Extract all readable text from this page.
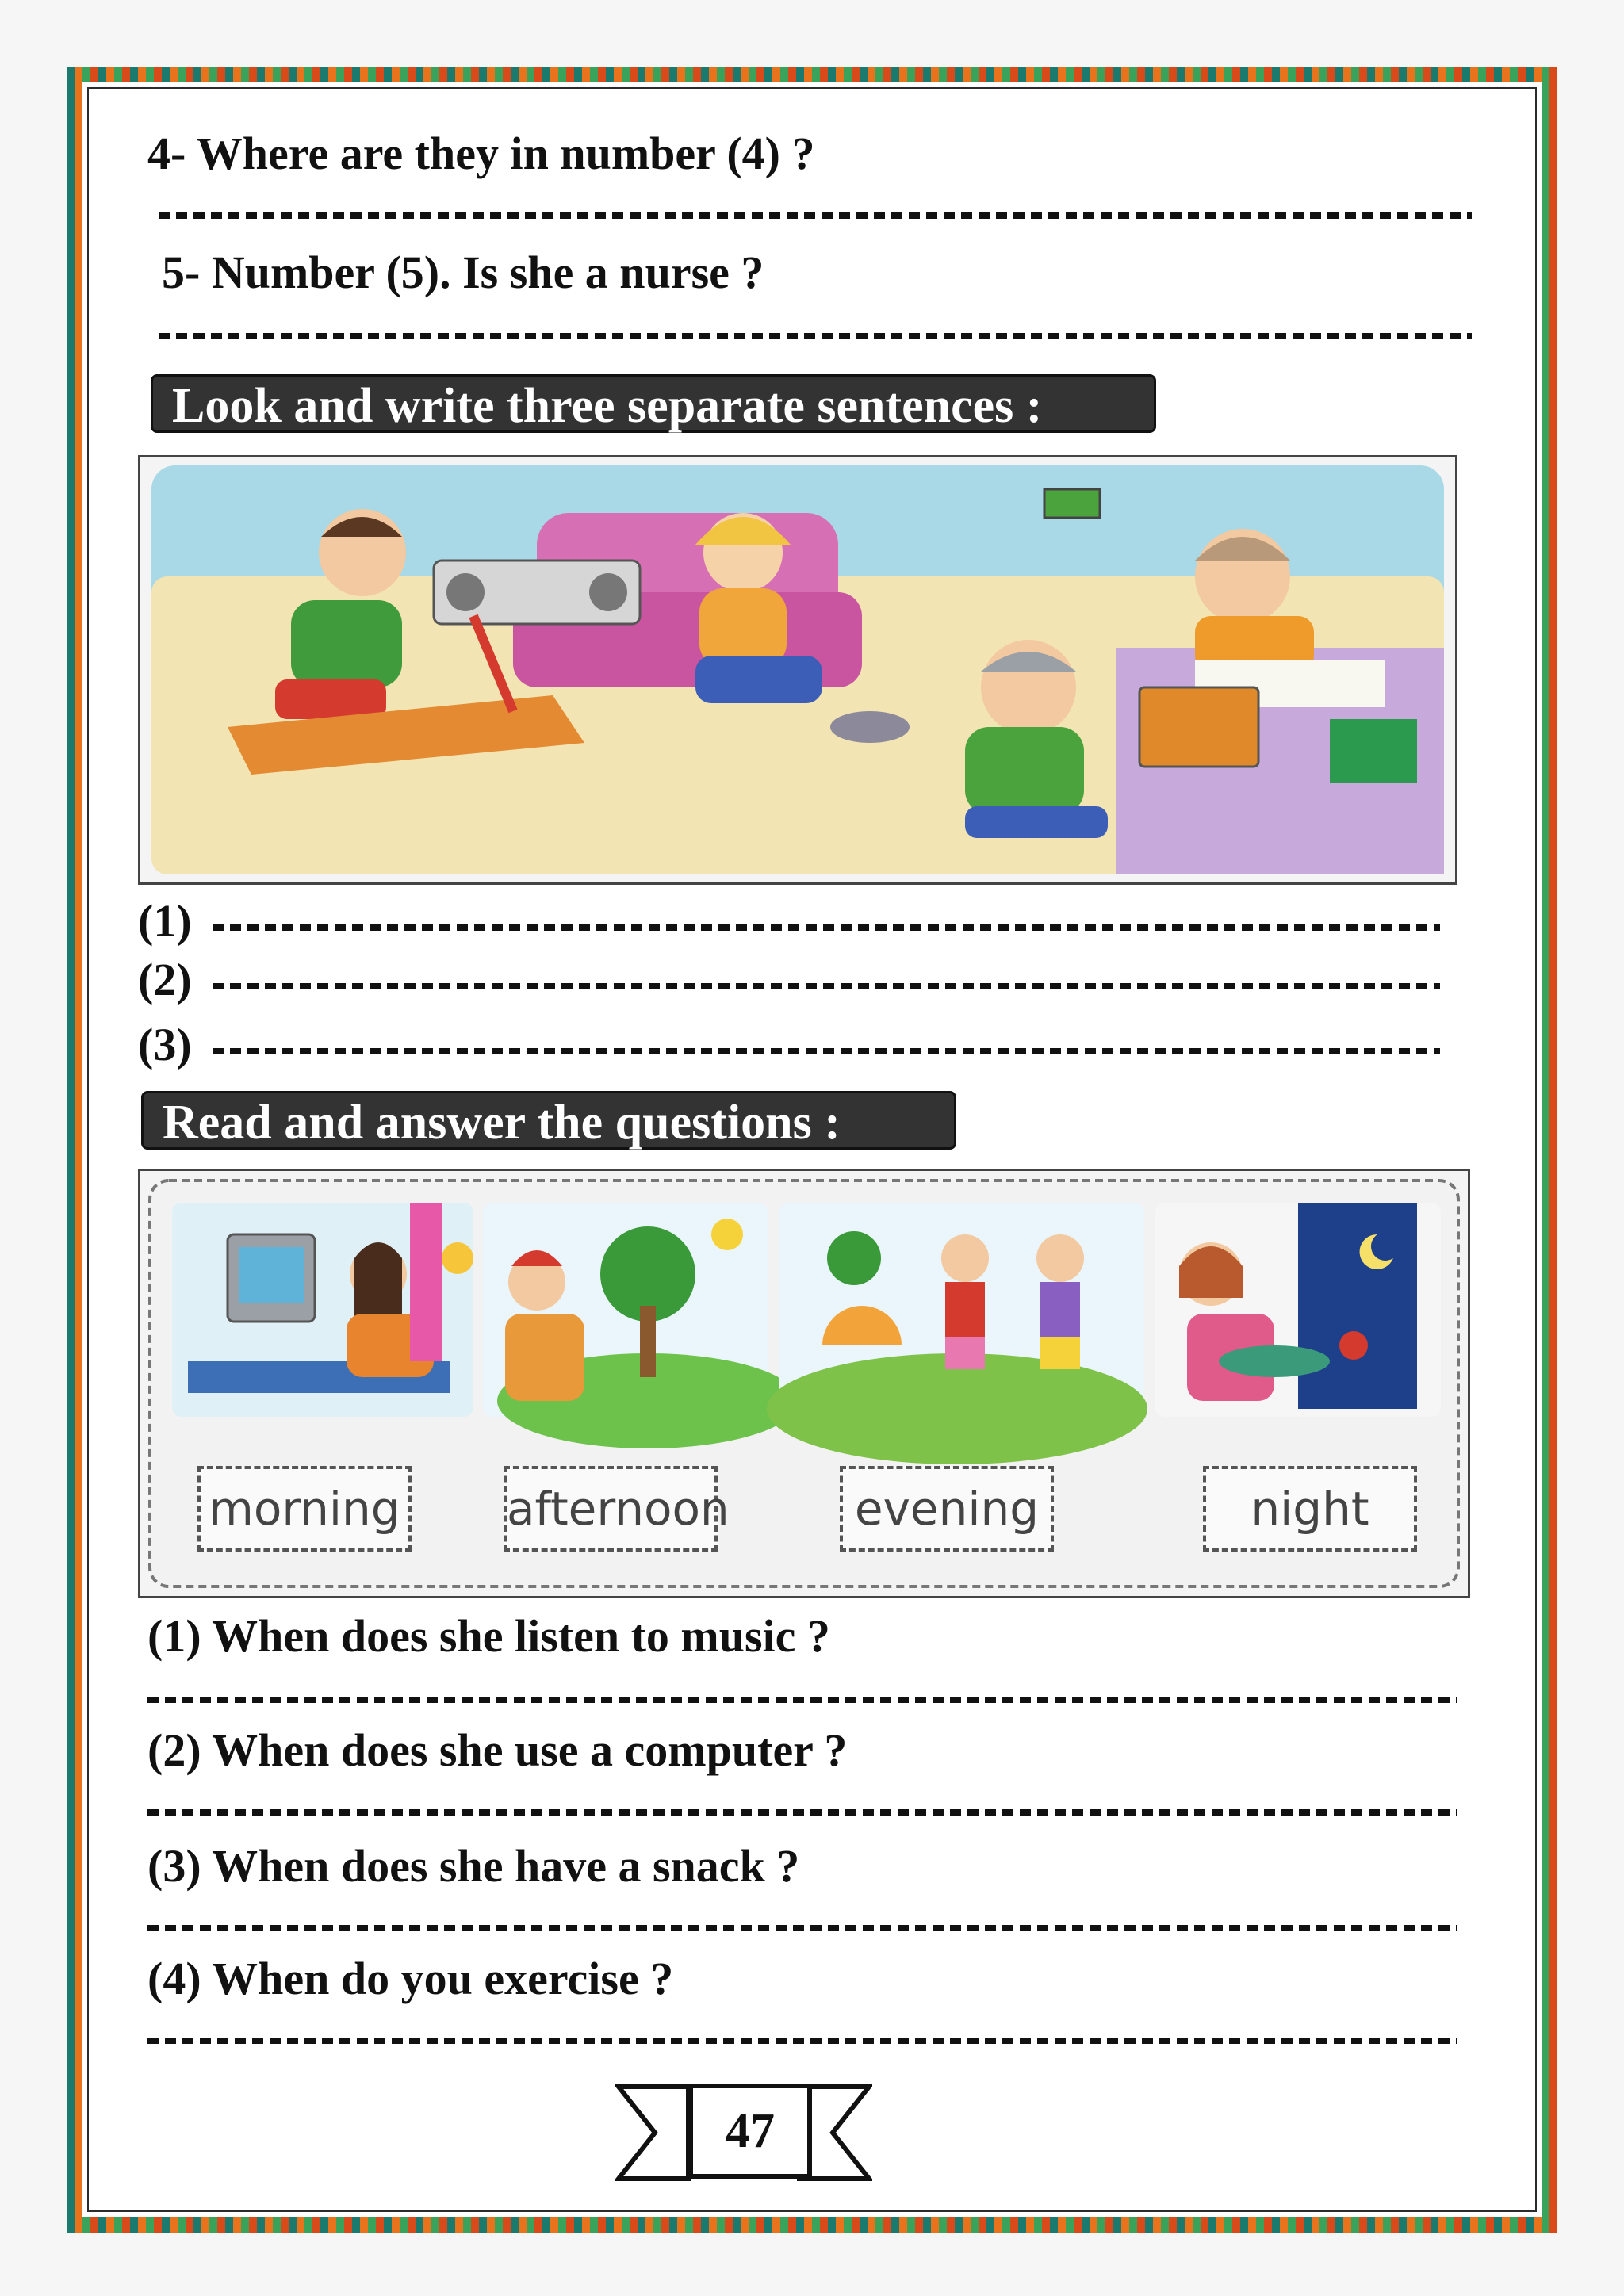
4- Where are they in number (4) ?
5- Number (5). Is she a nurse ?
Look and write three separate sentences :
(1)
(2)
(3)
Read and answer the questions :
morning afternoon	evening	night
(1) When does she listen to music ?
(2) When does she use a computer ?
(3) When does she have a snack ?
(4) When do you exercise ?
47
